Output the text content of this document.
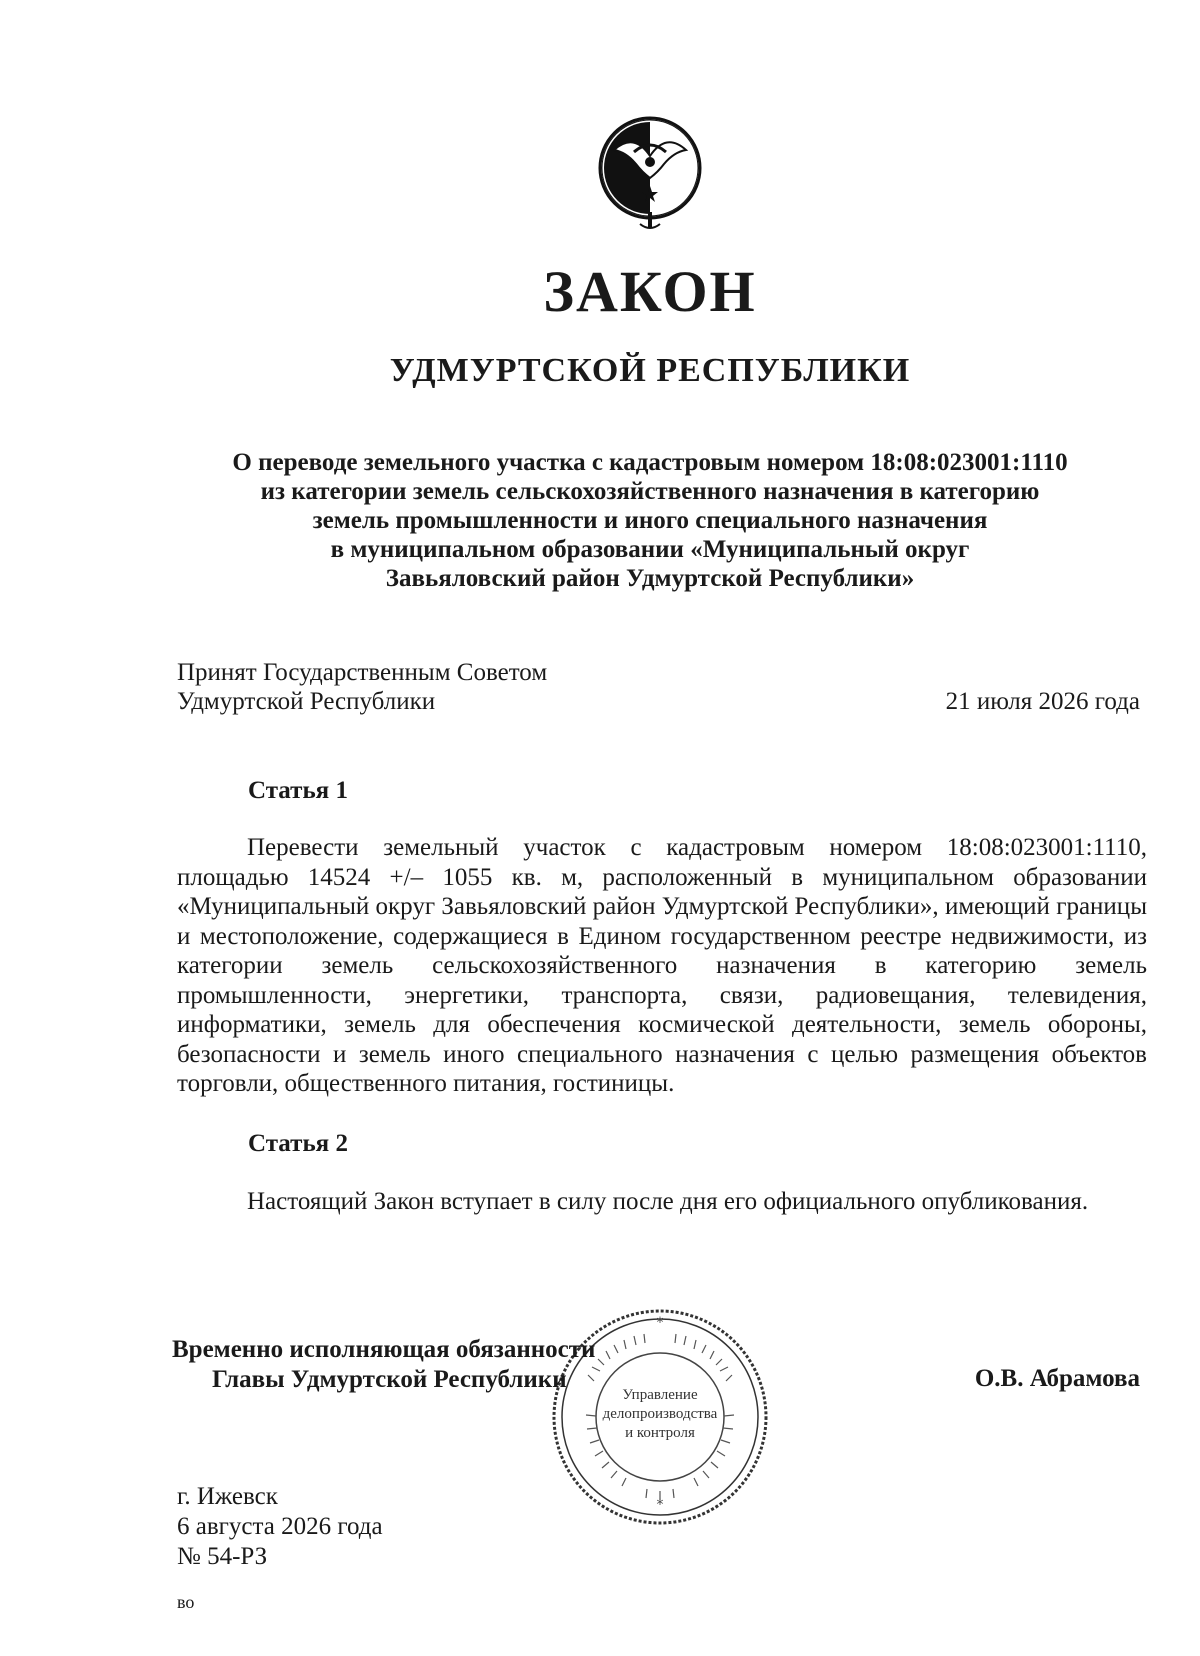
ЗАКОН
УДМУРТСКОЙ РЕСПУБЛИКИ
О переводе земельного участка с кадастровым номером 18:08:023001:1110
из категории земель сельскохозяйственного назначения в категорию
земель промышленности и иного специального назначения
в муниципальном образовании «Муниципальный округ
Завьяловский район Удмуртской Республики»
Принят Государственным Советом
Удмуртской Республики	21 июля 2026 года
Статья 1

Перевести земельный участок с кадастровым номером 18:08:023001:1110, площадью 14524 +/– 1055 кв. м, расположенный в муниципальном образовании «Муниципальный округ Завьяловский район Удмуртской Республики», имеющий границы и местоположение, содержащиеся в Едином государственном реестре недвижимости, из категории земель сельскохозяйственного назначения в категорию земель промышленности, энергетики, транспорта, связи, радиовещания, телевидения, информатики, земель для обеспечения космической деятельности, земель обороны, безопасности и земель иного специального назначения с целью размещения объектов торговли, общественного питания, гостиницы.

Статья 2

Настоящий Закон вступает в силу после дня его официального опубликования.

*
*
Управление
делопроизводства
и контроля
Временно исполняющая обязанности
Главы Удмуртской Республики	О.В. Абрамова
г. Ижевск
6 августа 2026 года
№ 54-РЗ
во
